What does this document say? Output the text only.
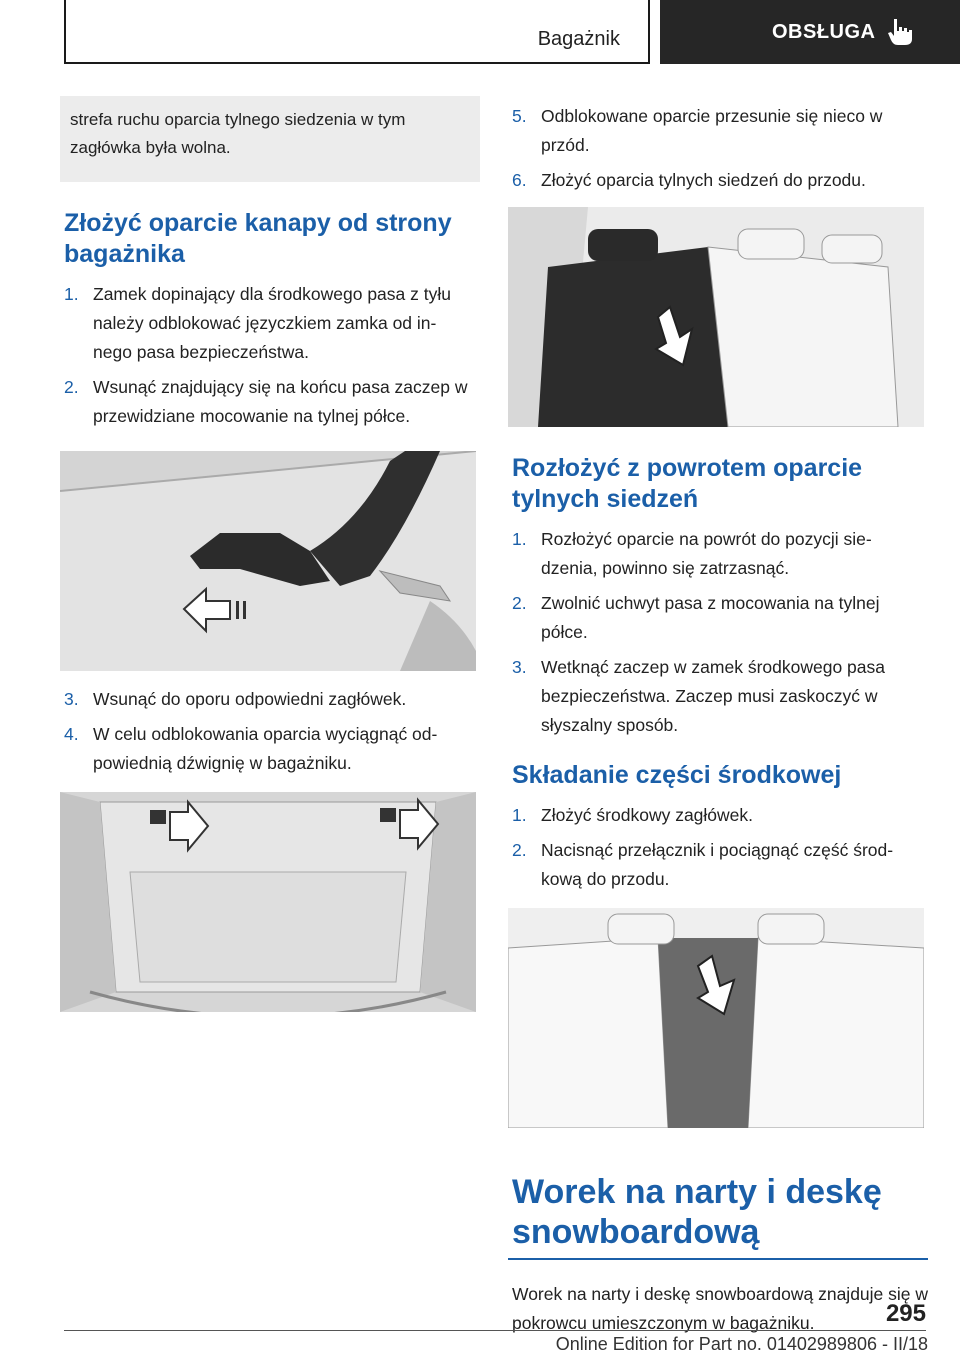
Bagażnik	OBSŁUGA
strefa ruchu oparcia tylnego siedzenia w tym zagłówka była wolna.
Złożyć oparcie kanapy od strony bagażnika
1. Zamek dopinający dla środkowego pasa z tyłu należy odblokować języczkiem zamka od in- nego pasa bezpieczeństwa.
2. Wsunąć znajdujący się na końcu pasa zaczep w przewidziane mocowanie na tylnej półce.
3. Wsunąć do oporu odpowiedni zagłówek.
4. W celu odblokowania oparcia wyciągnąć od- powiednią dźwignię w bagażniku.
5. Odblokowane oparcie przesunie się nieco w przód.
6. Złożyć oparcia tylnych siedzeń do przodu.
Rozłożyć z powrotem oparcie tylnych siedzeń
1. Rozłożyć oparcie na powrót do pozycji sie- dzenia, powinno się zatrzasnąć.
2. Zwolnić uchwyt pasa z mocowania na tylnej półce.
3. Wetknąć zaczep w zamek środkowego pasa bezpieczeństwa. Zaczep musi zaskoczyć w słyszalny sposób.
Składanie części środkowej
1. Złożyć środkowy zagłówek.
2. Nacisnąć przełącznik i pociągnąć część środ- kową do przodu.
Worek na narty i deskę snowboardową

Worek na narty i deskę snowboardową znajduje się w pokrowcu umieszczonym w bagażniku.	295
Online Edition for Part no. 01402989806 - II/18
